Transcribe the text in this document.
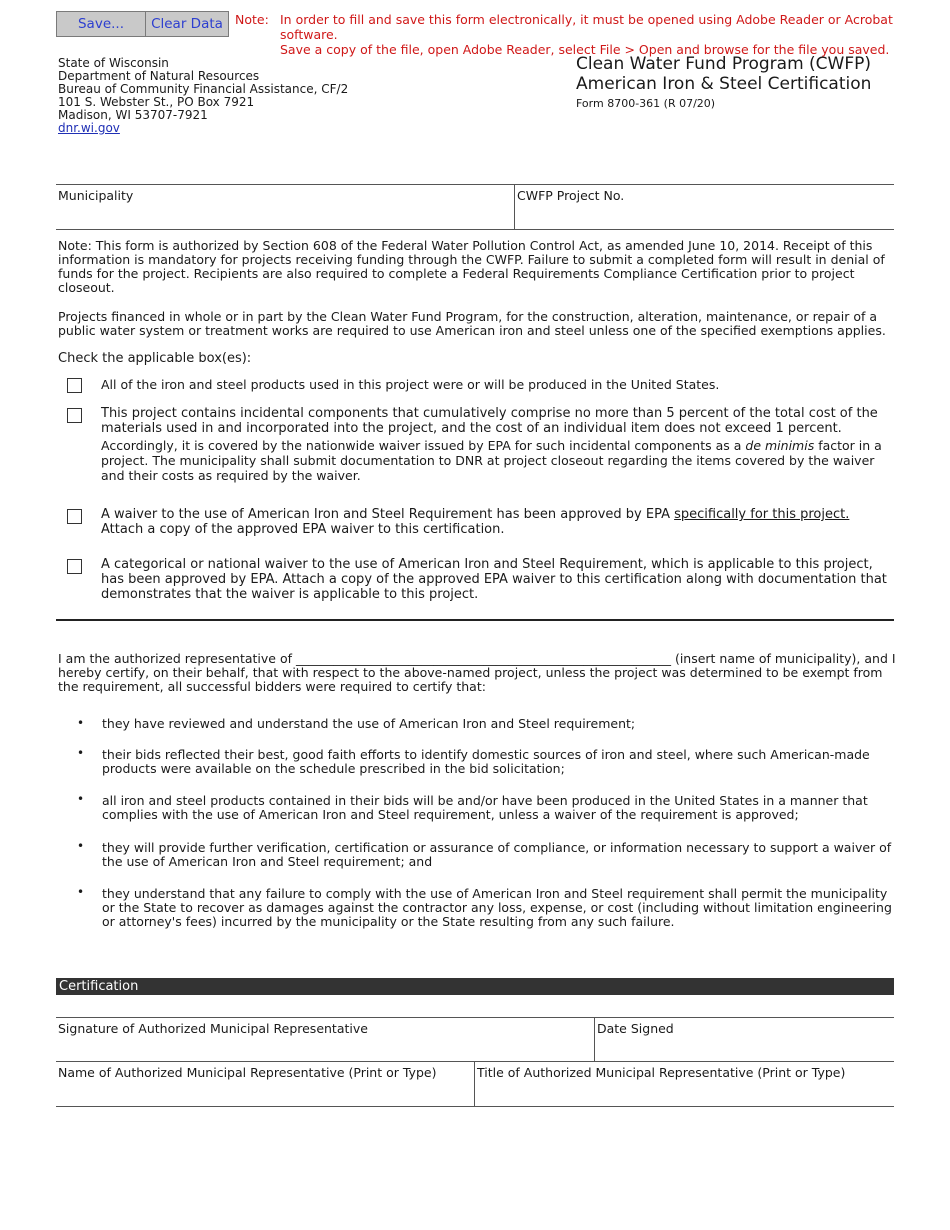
Save...	Clear Data Note: In order to fill and save this form electronically, it must be opened using Adobe Reader or Acrobat software.
Save a copy of the file, open Adobe Reader, select File > Open and browse for the file you saved.
State of Wisconsin
Department of Natural Resources
Bureau of Community Financial Assistance, CF/2
101 S. Webster St., PO Box 7921
Madison, WI 53707-7921
dnr.wi.gov
Clean Water Fund Program (CWFP)
American Iron & Steel Certification
Form 8700-361 (R 07/20)
Municipality	CWFP Project No.
Note: This form is authorized by Section 608 of the Federal Water Pollution Control Act, as amended June 10, 2014. Receipt of this information is mandatory for projects receiving funding through the CWFP. Failure to submit a completed form will result in denial of funds for the project. Recipients are also required to complete a Federal Requirements Compliance Certification prior to project closeout.
Projects financed in whole or in part by the Clean Water Fund Program, for the construction, alteration, maintenance, or repair of a public water system or treatment works are required to use American iron and steel unless one of the specified exemptions applies.
Check the applicable box(es):
All of the iron and steel products used in this project were or will be produced in the United States.
This project contains incidental components that cumulatively comprise no more than 5 percent of the total cost of the materials used in and incorporated into the project, and the cost of an individual item does not exceed 1 percent.
Accordingly, it is covered by the nationwide waiver issued by EPA for such incidental components as a de minimis factor in a project. The municipality shall submit documentation to DNR at project closeout regarding the items covered by the waiver and their costs as required by the waiver.
A waiver to the use of American Iron and Steel Requirement has been approved by EPA specifically for this project. Attach a copy of the approved EPA waiver to this certification.
A categorical or national waiver to the use of American Iron and Steel Requirement, which is applicable to this project, has been approved by EPA. Attach a copy of the approved EPA waiver to this certification along with documentation that demonstrates that the waiver is applicable to this project.
I am the authorized representative of ____________________________________________________________ (insert name of municipality), and I hereby certify, on their behalf, that with respect to the above-named project, unless the project was determined to be exempt from the requirement, all successful bidders were required to certify that:
• they have reviewed and understand the use of American Iron and Steel requirement;
• their bids reflected their best, good faith efforts to identify domestic sources of iron and steel, where such American-made products were available on the schedule prescribed in the bid solicitation;
• all iron and steel products contained in their bids will be and/or have been produced in the United States in a manner that complies with the use of American Iron and Steel requirement, unless a waiver of the requirement is approved;
• they will provide further verification, certification or assurance of compliance, or information necessary to support a waiver of the use of American Iron and Steel requirement; and
• they understand that any failure to comply with the use of American Iron and Steel requirement shall permit the municipality or the State to recover as damages against the contractor any loss, expense, or cost (including without limitation engineering or attorney's fees) incurred by the municipality or the State resulting from any such failure.
Certification
Signature of Authorized Municipal Representative	Date Signed
Name of Authorized Municipal Representative (Print or Type)	Title of Authorized Municipal Representative (Print or Type)
